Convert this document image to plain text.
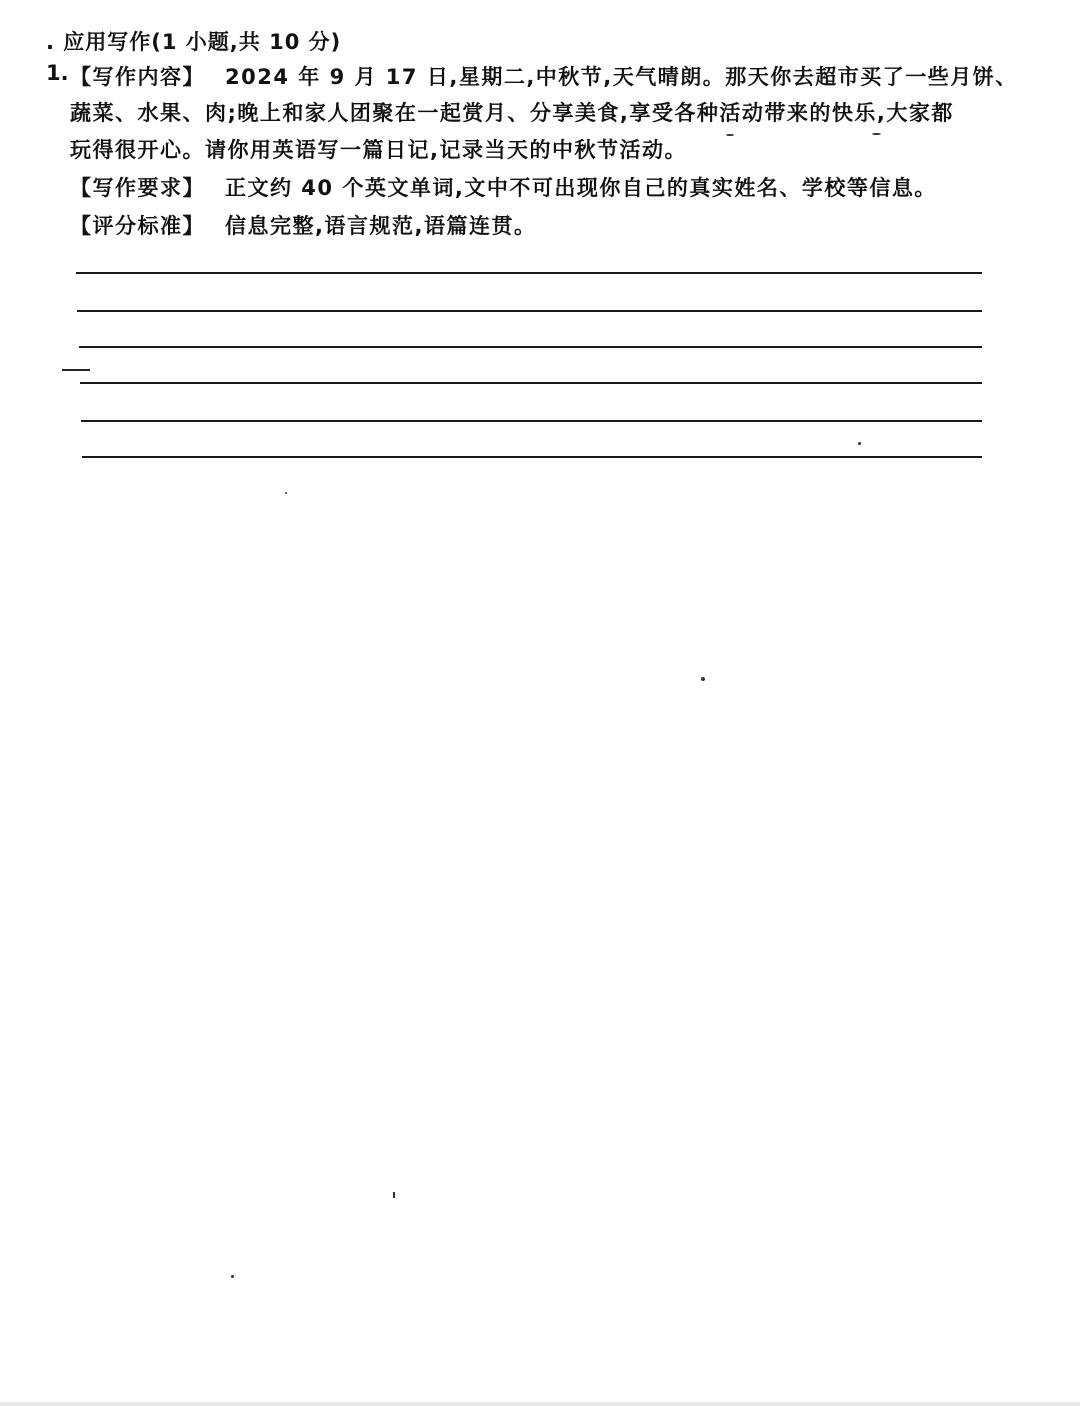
. 应用写作(1 小题,共 10 分)
1. 【写作内容】 2024 年 9 月 17 日,星期二,中秋节,天气晴朗。那天你去超市买了一些月饼、
蔬菜、水果、肉;晚上和家人团聚在一起赏月、分享美食,享受各种活动带来的快乐,大家都
玩得很开心。请你用英语写一篇日记,记录当天的中秋节活动。
【写作要求】 正文约 40 个英文单词,文中不可出现你自己的真实姓名、学校等信息。
【评分标准】 信息完整,语言规范,语篇连贯。
